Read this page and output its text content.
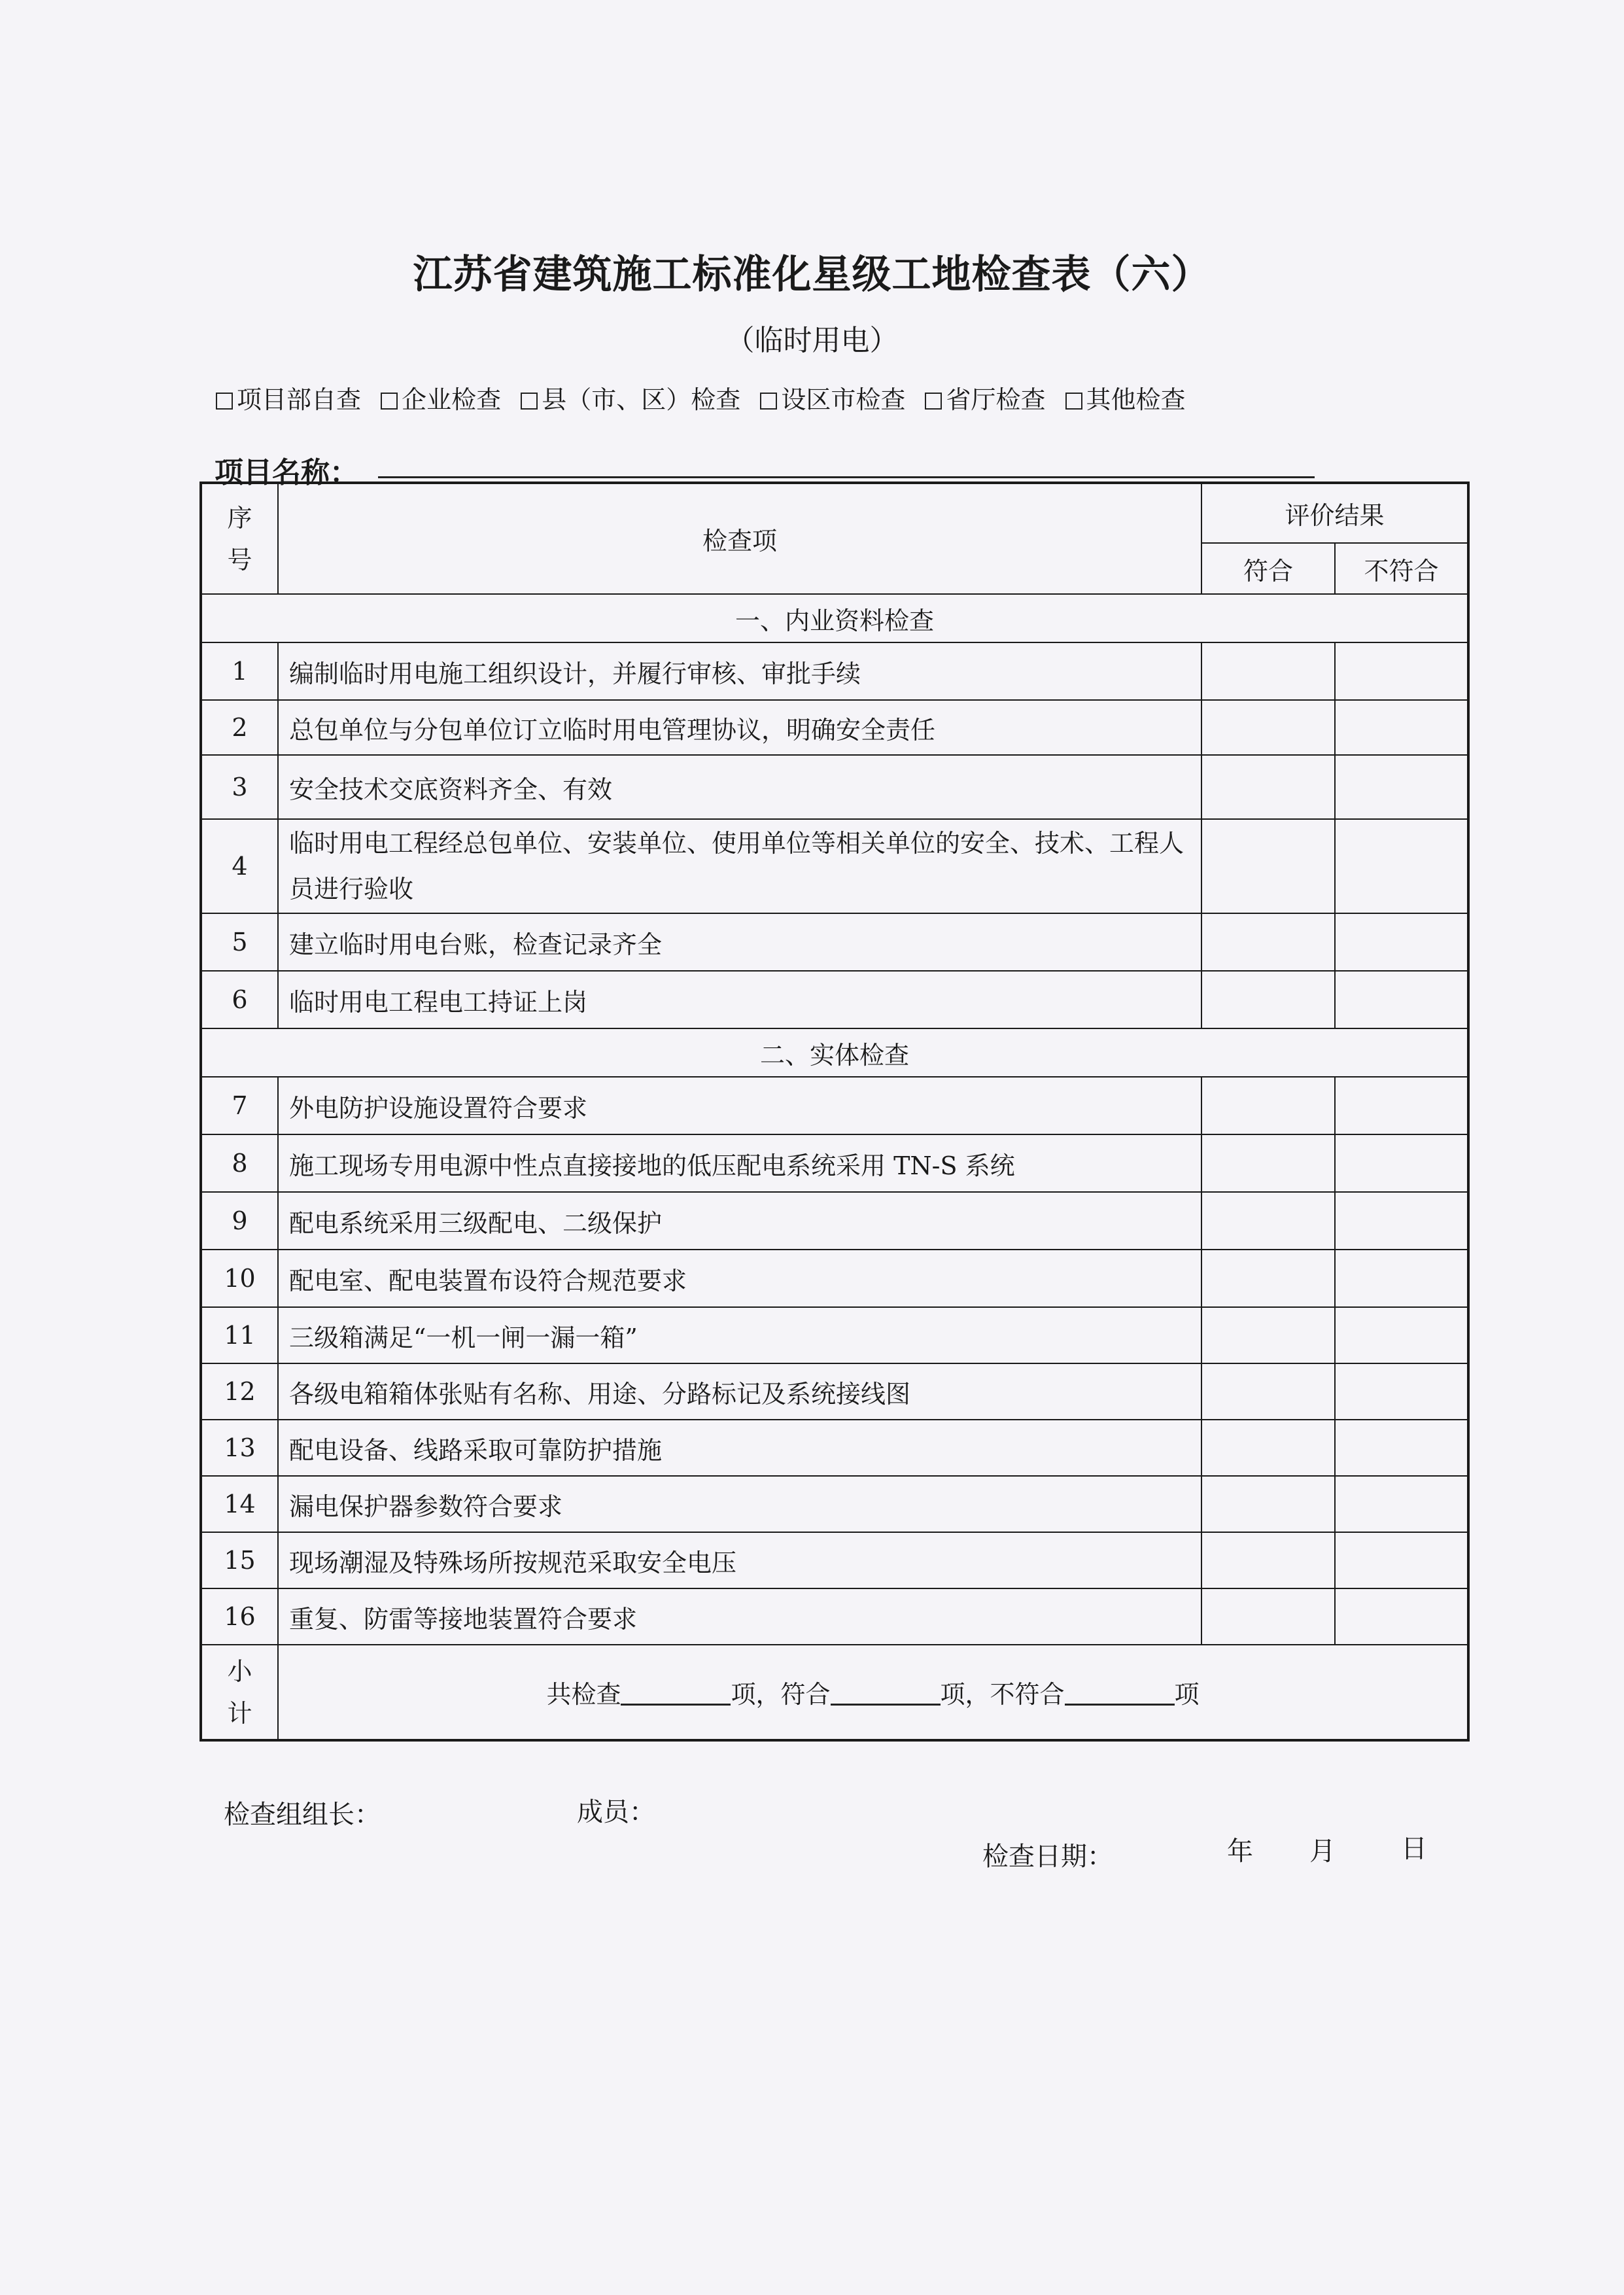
江苏省建筑施工标准化星级工地检查表（六）
（临时用电）
项目部自查 企业检查 县（市、区）检查 设区市检查 省厅检查 其他检查
项目名称：
序
号	检查项	评价结果	
		符合	不符合
一、内业资料检查			
1	编制临时用电施工组织设计，并履行审核、审批手续		
2	总包单位与分包单位订立临时用电管理协议，明确安全责任		
3	安全技术交底资料齐全、有效		
4	临时用电工程经总包单位、安装单位、使用单位等相关单位的安全、技术、工程人员进行验收		
5	建立临时用电台账，检查记录齐全		
6	临时用电工程电工持证上岗		
二、实体检查			
7	外电防护设施设置符合要求		
8	施工现场专用电源中性点直接接地的低压配电系统采用 TN-S 系统		
9	配电系统采用三级配电、二级保护		
10	配电室、配电装置布设符合规范要求		
11	三级箱满足“一机一闸一漏一箱”		
12	各级电箱箱体张贴有名称、用途、分路标记及系统接线图		
13	配电设备、线路采取可靠防护措施		
14	漏电保护器参数符合要求		
15	现场潮湿及特殊场所按规范采取安全电压		
16	重复、防雷等接地装置符合要求		
小
计	共检查 项，符合 项，不符合 项		
检查组组长：	成员：
检查日期：	年 月	日
